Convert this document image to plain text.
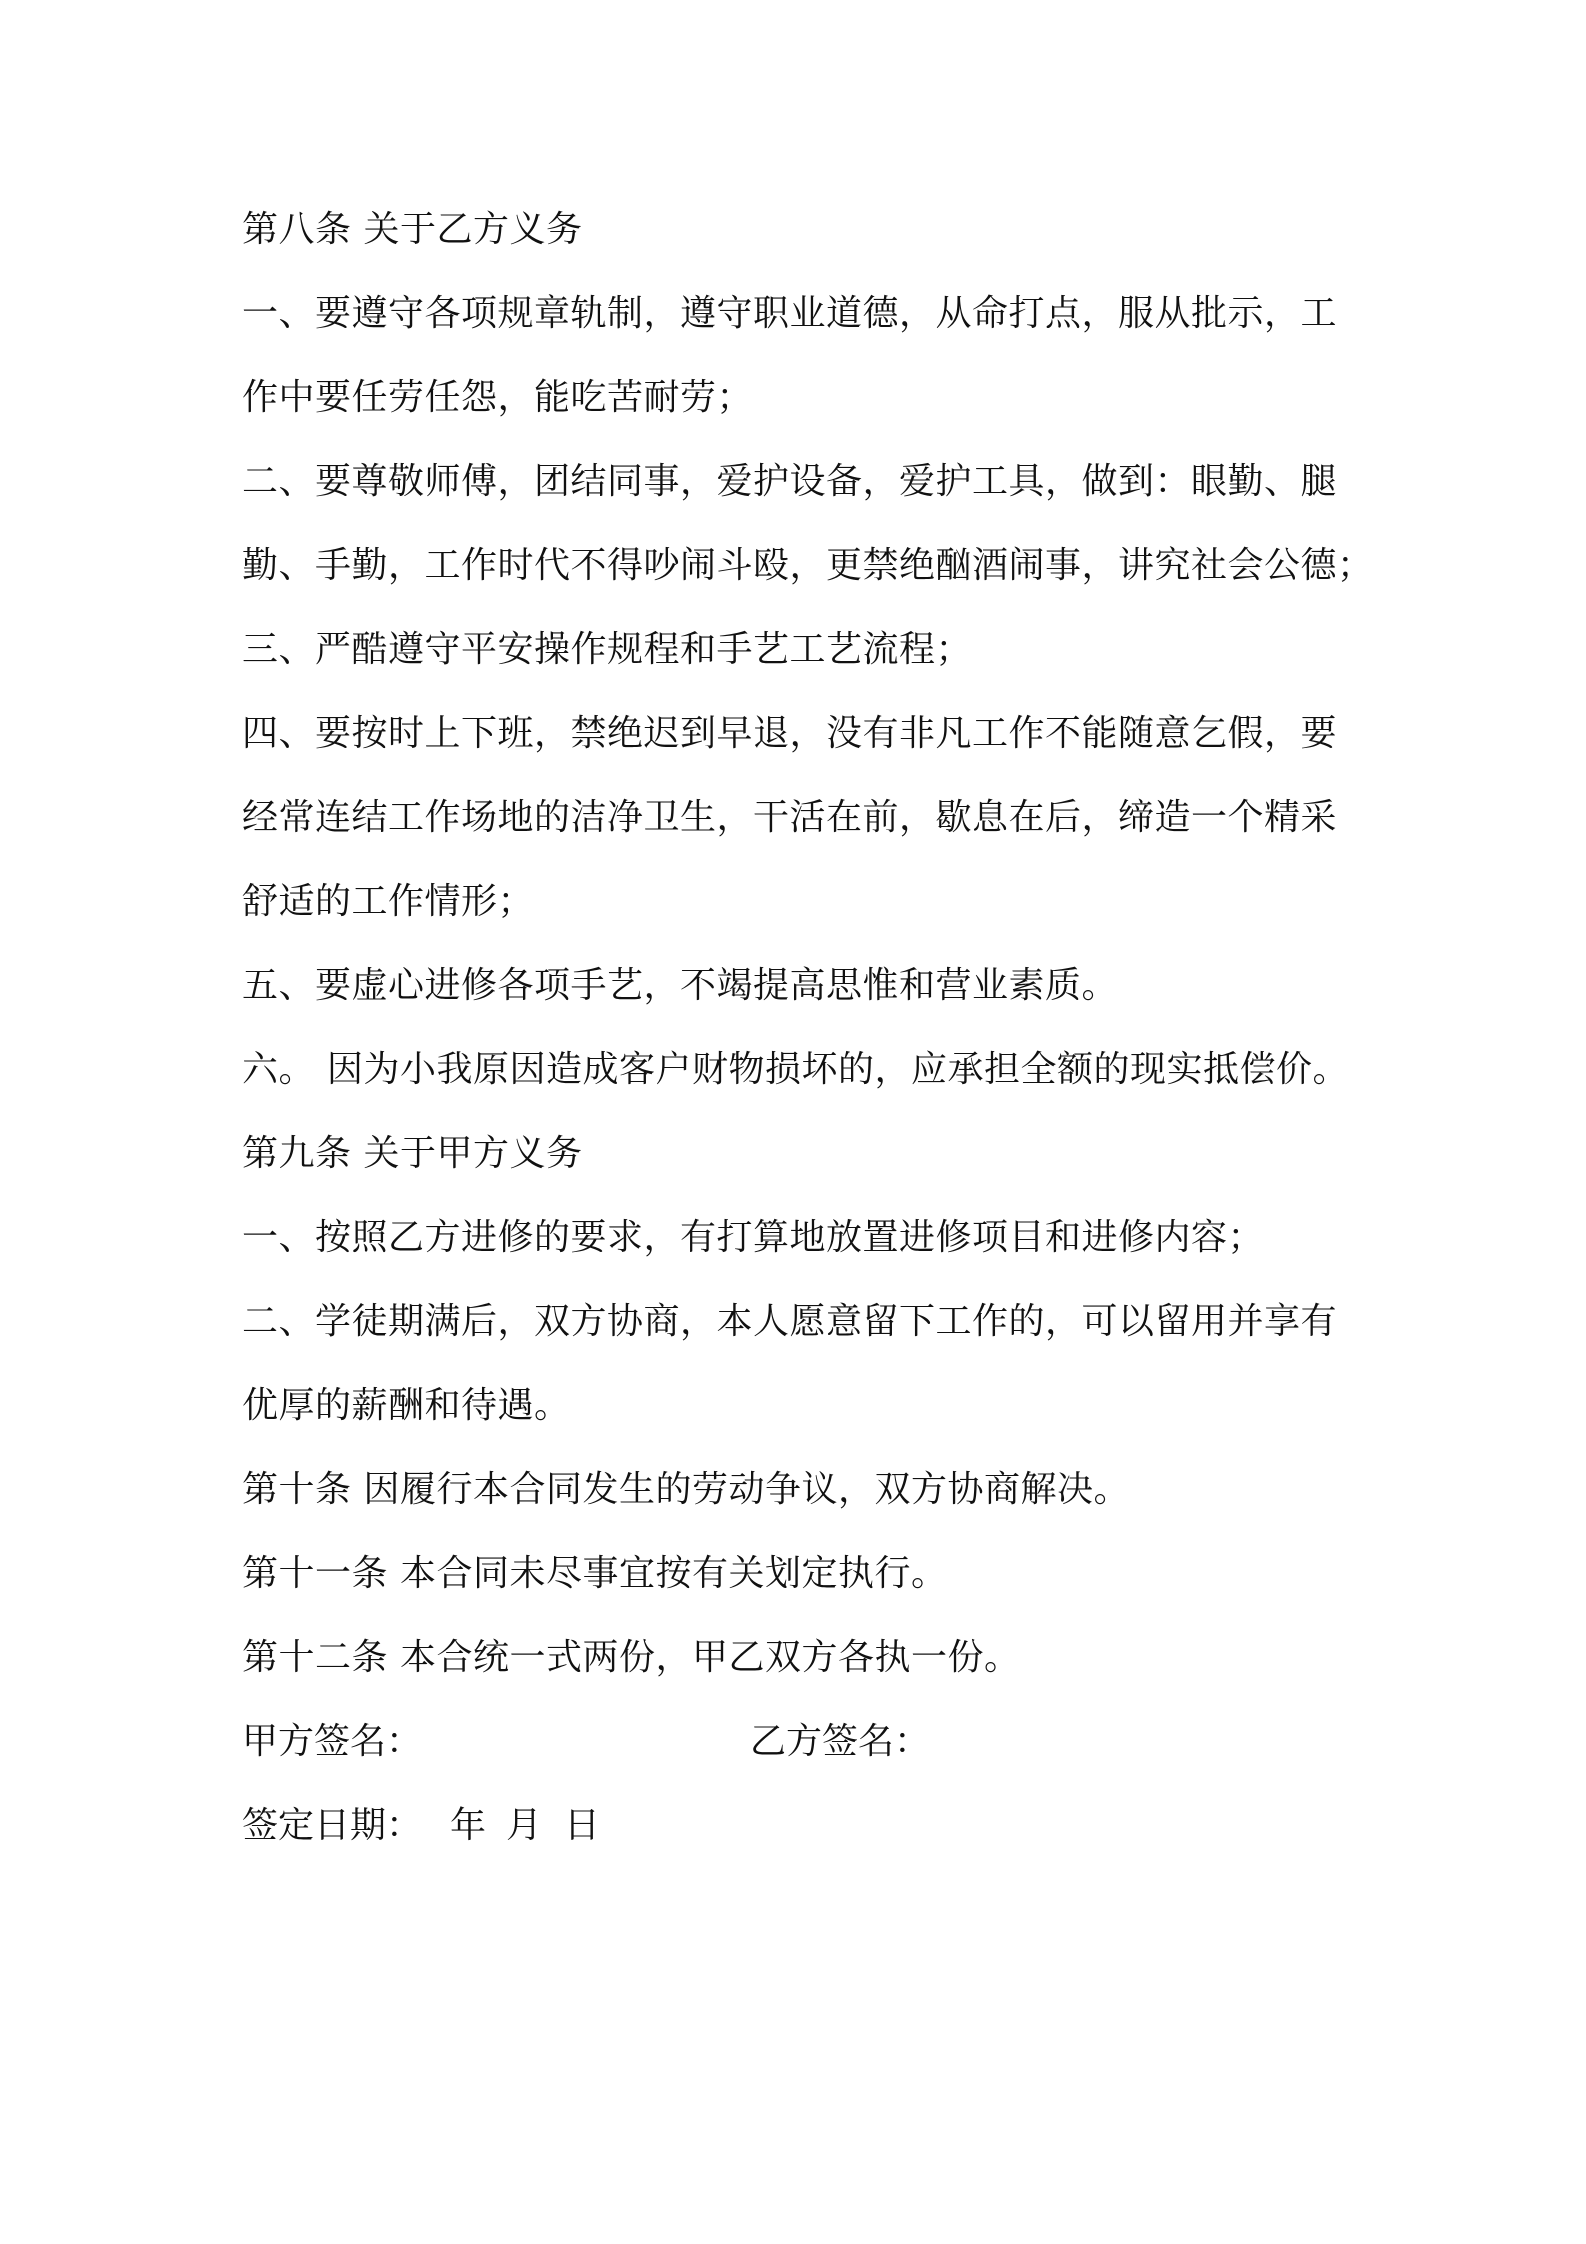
第八条 关于乙方义务
一、要遵守各项规章轨制，遵守职业道德，从命打点，服从批示，工
作中要任劳任怨，能吃苦耐劳；
二、要尊敬师傅，团结同事，爱护设备，爱护工具，做到：眼勤、腿
勤、手勤，工作时代不得吵闹斗殴，更禁绝酗酒闹事，讲究社会公德；
三、严酷遵守平安操作规程和手艺工艺流程；
四、要按时上下班，禁绝迟到早退，没有非凡工作不能随意乞假，要
经常连结工作场地的洁净卫生，干活在前，歇息在后，缔造一个精采
舒适的工作情形；
五、要虚心进修各项手艺，不竭提高思惟和营业素质。
六。 因为小我原因造成客户财物损坏的，应承担全额的现实抵偿价。
第九条 关于甲方义务
一、按照乙方进修的要求，有打算地放置进修项目和进修内容；
二、学徒期满后，双方协商，本人愿意留下工作的，可以留用并享有
优厚的薪酬和待遇。
第十条 因履行本合同发生的劳动争议，双方协商解决。
第十一条 本合同未尽事宜按有关划定执行。
第十二条 本合统一式两份，甲乙双方各执一份。
甲方签名：	乙方签名：
签定日期： 年 月 日
